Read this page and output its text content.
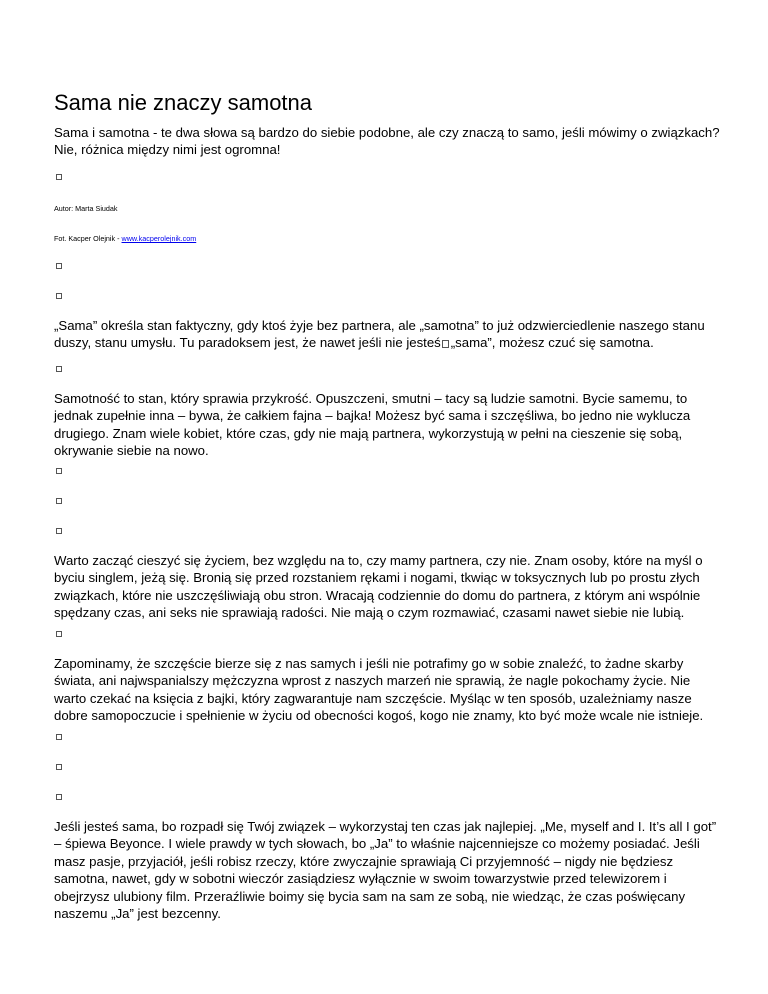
Sama nie znaczy samotna

Sama i samotna - te dwa słowa są bardzo do siebie podobne, ale czy znaczą to samo, jeśli mówimy o związkach? Nie, różnica między nimi jest ogromna!

Autor: Marta Siudak

Fot. Kacper Olejnik - www.kacperolejnik.com

„Sama” określa stan faktyczny, gdy ktoś żyje bez partnera, ale „samotna” to już odzwierciedlenie naszego stanu duszy, stanu umysłu. Tu paradoksem jest, że nawet jeśli nie jesteś „sama”, możesz czuć się samotna.

Samotność to stan, który sprawia przykrość. Opuszczeni, smutni – tacy są ludzie samotni. Bycie samemu, to jednak zupełnie inna – bywa, że całkiem fajna – bajka! Możesz być sama i szczęśliwa, bo jedno nie wyklucza drugiego. Znam wiele kobiet, które czas, gdy nie mają partnera, wykorzystują w pełni na cieszenie się sobą, okrywanie siebie na nowo.

Warto zacząć cieszyć się życiem, bez względu na to, czy mamy partnera, czy nie. Znam osoby, które na myśl o byciu singlem, jeżą się. Bronią się przed rozstaniem rękami i nogami, tkwiąc w toksycznych lub po prostu złych związkach, które nie uszczęśliwiają obu stron. Wracają codziennie do domu do partnera, z którym ani wspólnie spędzany czas, ani seks nie sprawiają radości. Nie mają o czym rozmawiać, czasami nawet siebie nie lubią.

Zapominamy, że szczęście bierze się z nas samych i jeśli nie potrafimy go w sobie znaleźć, to żadne skarby świata, ani najwspanialszy mężczyzna wprost z naszych marzeń nie sprawią, że nagle pokochamy życie. Nie warto czekać na księcia z bajki, który zagwarantuje nam szczęście. Myśląc w ten sposób, uzależniamy nasze dobre samopoczucie i spełnienie w życiu od obecności kogoś, kogo nie znamy, kto być może wcale nie istnieje.

Jeśli jesteś sama, bo rozpadł się Twój związek – wykorzystaj ten czas jak najlepiej. „Me, myself and I. It’s all I got” – śpiewa Beyonce. I wiele prawdy w tych słowach, bo „Ja” to właśnie najcenniejsze co możemy posiadać. Jeśli masz pasje, przyjaciół, jeśli robisz rzeczy, które zwyczajnie sprawiają Ci przyjemność – nigdy nie będziesz samotna, nawet, gdy w sobotni wieczór zasiądziesz wyłącznie w swoim towarzystwie przed telewizorem i obejrzysz ulubiony film. Przeraźliwie boimy się bycia sam na sam ze sobą, nie wiedząc, że czas poświęcany naszemu „Ja” jest bezcenny.
